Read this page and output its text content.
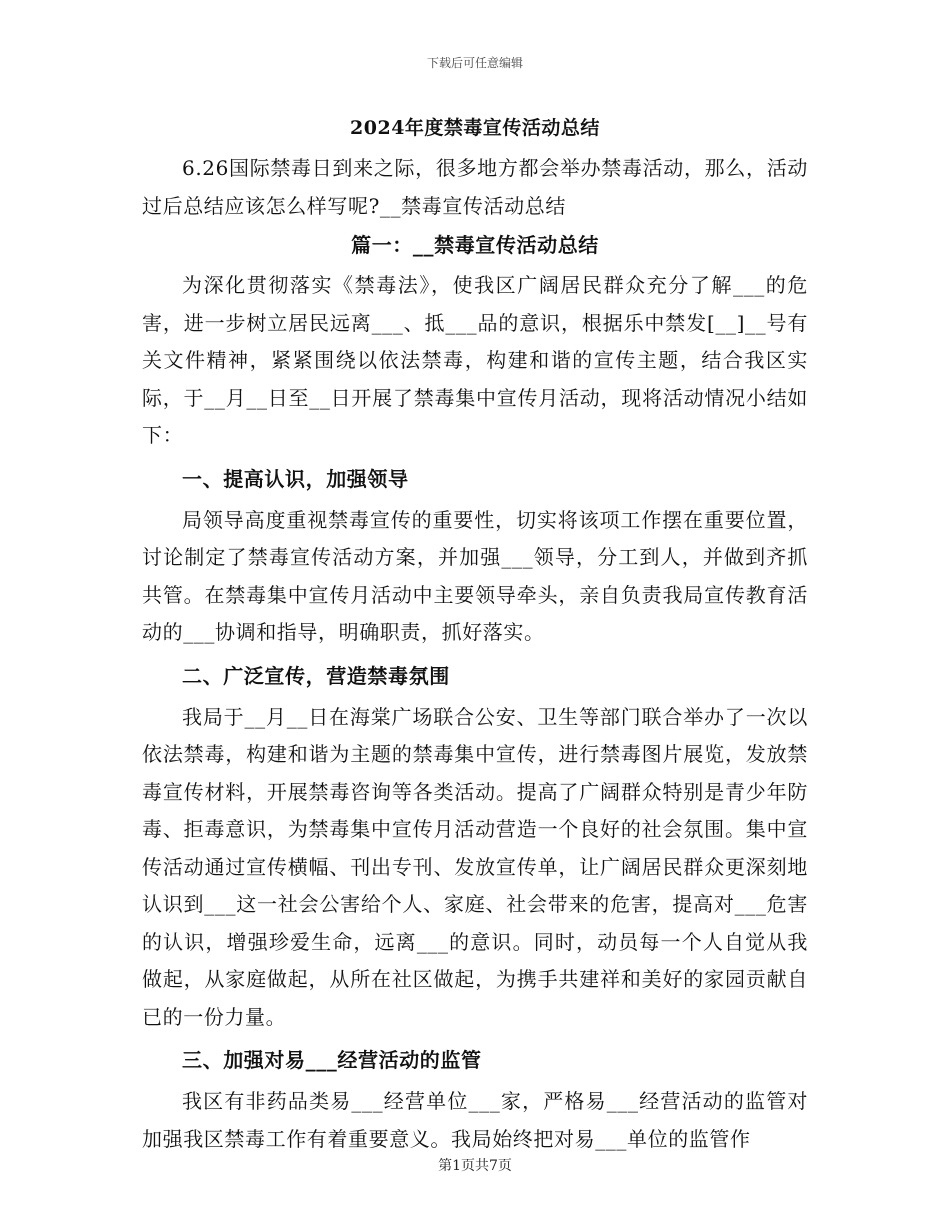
下载后可任意编辑
2024年度禁毒宣传活动总结

6.26国际禁毒日到来之际，很多地方都会举办禁毒活动，那么，活动过后总结应该怎么样写呢?__禁毒宣传活动总结

篇一：__禁毒宣传活动总结

为深化贯彻落实《禁毒法》，使我区广阔居民群众充分了解___的危害，进一步树立居民远离___、抵___品的意识，根据乐中禁发[__]__号有关文件精神，紧紧围绕以依法禁毒，构建和谐的宣传主题，结合我区实际，于__月__日至__日开展了禁毒集中宣传月活动，现将活动情况小结如下：

一、提高认识，加强领导

局领导高度重视禁毒宣传的重要性，切实将该项工作摆在重要位置，讨论制定了禁毒宣传活动方案，并加强___领导，分工到人，并做到齐抓共管。在禁毒集中宣传月活动中主要领导牵头，亲自负责我局宣传教育活动的___协调和指导，明确职责，抓好落实。

二、广泛宣传，营造禁毒氛围

我局于__月__日在海棠广场联合公安、卫生等部门联合举办了一次以依法禁毒，构建和谐为主题的禁毒集中宣传，进行禁毒图片展览，发放禁毒宣传材料，开展禁毒咨询等各类活动。提高了广阔群众特别是青少年防毒、拒毒意识，为禁毒集中宣传月活动营造一个良好的社会氛围。集中宣传活动通过宣传横幅、刊出专刊、发放宣传单，让广阔居民群众更深刻地认识到___这一社会公害给个人、家庭、社会带来的危害，提高对___危害的认识，增强珍爱生命，远离___的意识。同时，动员每一个人自觉从我做起，从家庭做起，从所在社区做起，为携手共建祥和美好的家园贡献自已的一份力量。

三、加强对易___经营活动的监管

我区有非药品类易___经营单位___家，严格易___经营活动的监管对加强我区禁毒工作有着重要意义。我局始终把对易___单位的监管作

第1页共7页
